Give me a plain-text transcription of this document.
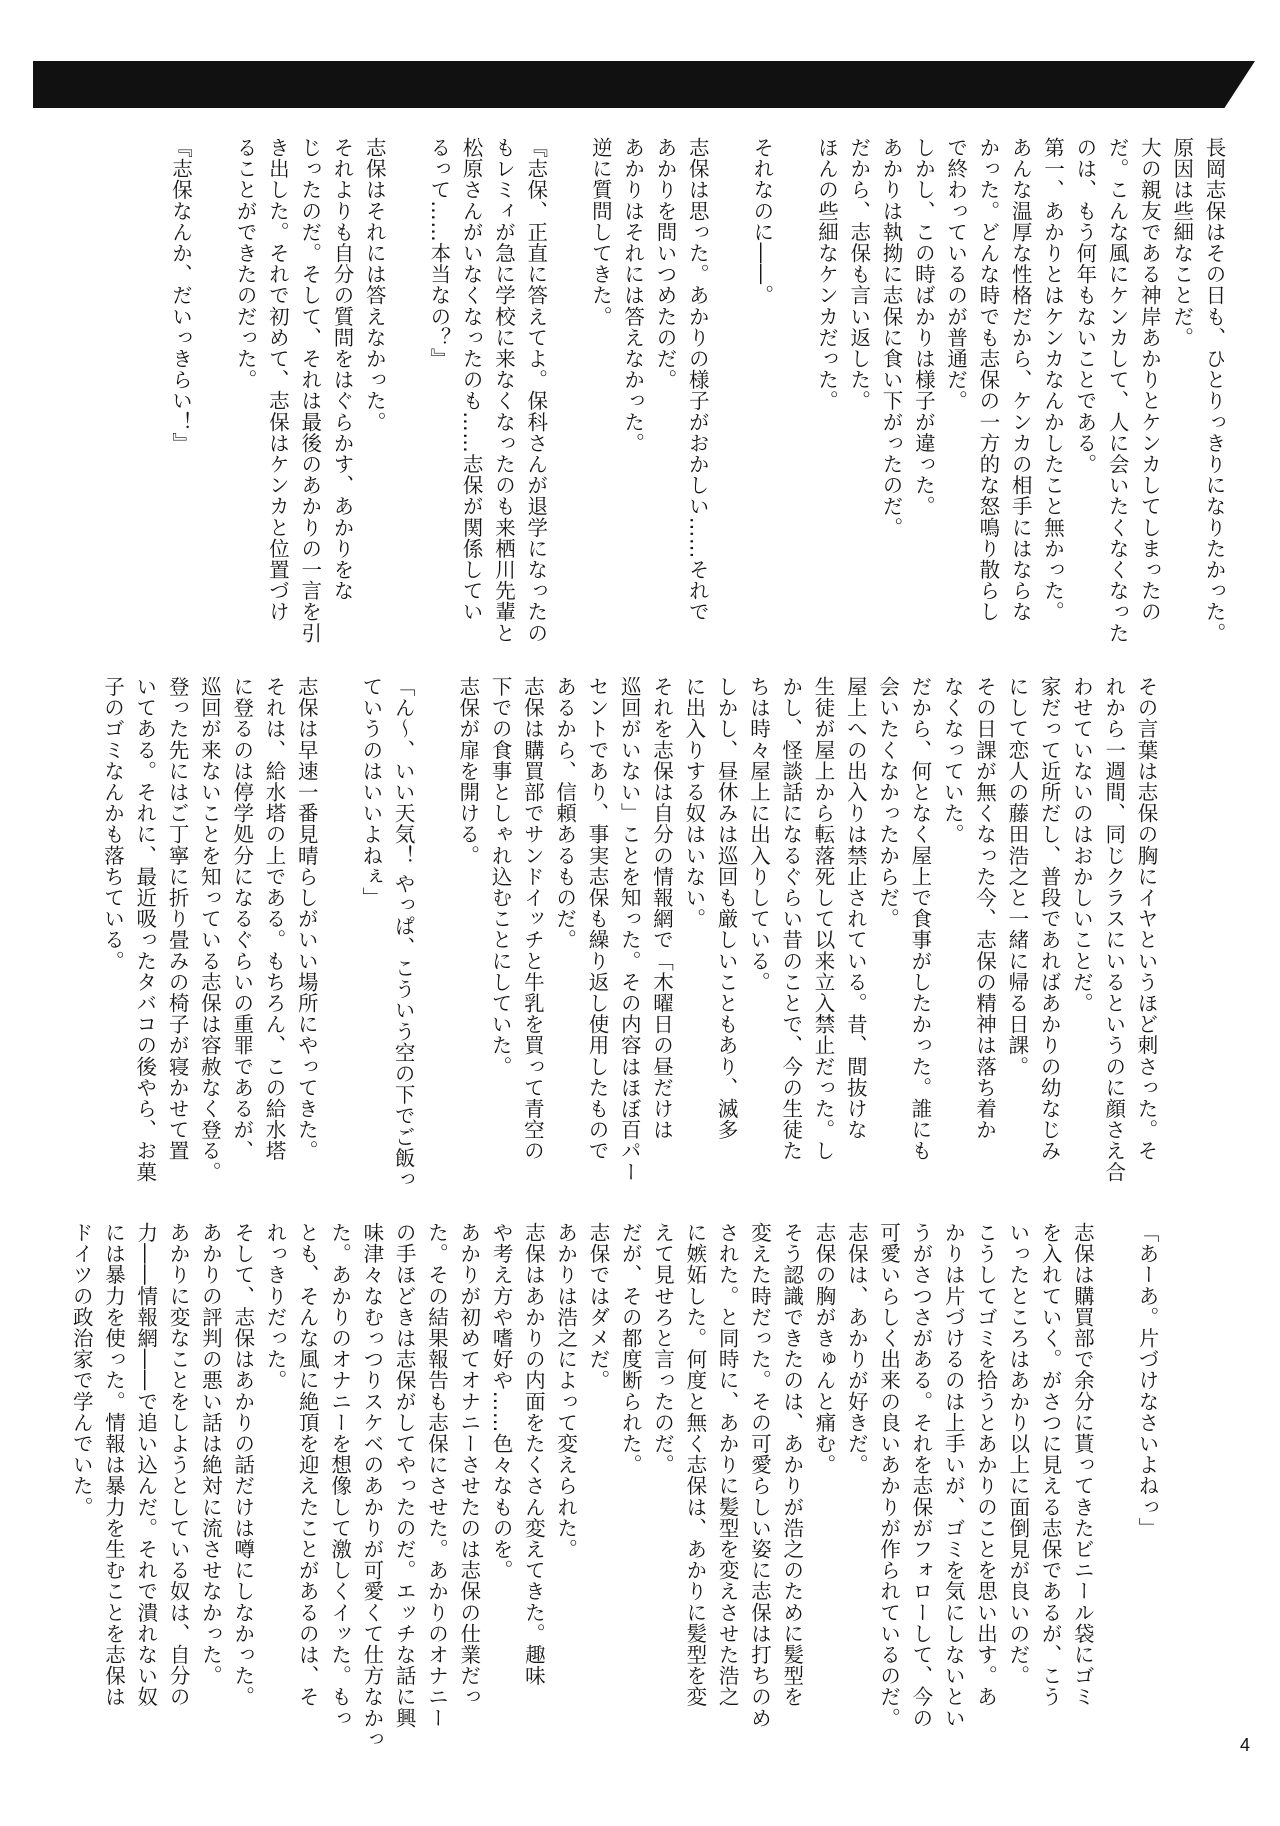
長岡志保はその日も、ひとりっきりになりたかった。
原因は些細なことだ。
大の親友である神岸あかりとケンカしてしまったの
だ。こんな風にケンカして、人に会いたくなくなった
のは、もう何年もないことである。
第一、あかりとはケンカなんかしたこと無かった。
あんな温厚な性格だから、ケンカの相手にはならな
かった。どんな時でも志保の一方的な怒鳴り散らし
で終わっているのが普通だ。
しかし、この時ばかりは様子が違った。
あかりは執拗に志保に食い下がったのだ。
だから、志保も言い返した。
ほんの些細なケンカだった。
それなのに――。
志保は思った。あかりの様子がおかしい……それで
あかりを問いつめたのだ。
あかりはそれには答えなかった。
逆に質問してきた。
『志保、正直に答えてよ。保科さんが退学になったの
もレミィが急に学校に来なくなったのも来栖川先輩と
松原さんがいなくなったのも……志保が関係してい
るって……本当なの？』
志保はそれには答えなかった。
それよりも自分の質問をはぐらかす、あかりをな
じったのだ。そして、それは最後のあかりの一言を引
き出した。それで初めて、志保はケンカと位置づけ
ることができたのだった。
『志保なんか、だいっきらい！』
その言葉は志保の胸にイヤというほど刺さった。そ
れから一週間、同じクラスにいるというのに顔さえ合
わせていないのはおかしいことだ。
家だって近所だし、普段であればあかりの幼なじみ
にして恋人の藤田浩之と一緒に帰る日課。
その日課が無くなった今、志保の精神は落ち着か
なくなっていた。
だから、何となく屋上で食事がしたかった。誰にも
会いたくなかったからだ。
屋上への出入りは禁止されている。昔、間抜けな
生徒が屋上から転落死して以来立入禁止だった。し
かし、怪談話になるぐらい昔のことで、今の生徒た
ちは時々屋上に出入りしている。
しかし、昼休みは巡回も厳しいこともあり、滅多
に出入りする奴はいない。
それを志保は自分の情報網で「木曜日の昼だけは
巡回がいない」ことを知った。その内容はほぼ百パー
セントであり、事実志保も繰り返し使用したもので
あるから、信頼あるものだ。
志保は購買部でサンドイッチと牛乳を買って青空の
下での食事としゃれ込むことにしていた。
志保が扉を開ける。
「ん～、いい天気！ やっぱ、こういう空の下でご飯っ
ていうのはいいよねぇ」
志保は早速一番見晴らしがいい場所にやってきた。
それは、給水塔の上である。もちろん、この給水塔
に登るのは停学処分になるぐらいの重罪であるが、
巡回が来ないことを知っている志保は容赦なく登る。
登った先にはご丁寧に折り畳みの椅子が寝かせて置
いてある。それに、最近吸ったタバコの後やら、お菓
子のゴミなんかも落ちている。
「あーあ。片づけなさいよねっ」
志保は購買部で余分に貰ってきたビニール袋にゴミ
を入れていく。がさつに見える志保であるが、こう
いったところはあかり以上に面倒見が良いのだ。
こうしてゴミを拾うとあかりのことを思い出す。あ
かりは片づけるのは上手いが、ゴミを気にしないとい
うがさつさがある。それを志保がフォローして、今の
可愛いらしく出来の良いあかりが作られているのだ。
志保は、あかりが好きだ。
志保の胸がきゅんと痛む。
そう認識できたのは、あかりが浩之のために髪型を
変えた時だった。その可愛らしい姿に志保は打ちのめ
された。と同時に、あかりに髪型を変えさせた浩之
に嫉妬した。何度と無く志保は、あかりに髪型を変
えて見せろと言ったのだ。
だが、その都度断られた。
志保ではダメだ。
あかりは浩之によって変えられた。
志保はあかりの内面をたくさん変えてきた。趣味
や考え方や嗜好や……色々なものを。
あかりが初めてオナニーさせたのは志保の仕業だっ
た。その結果報告も志保にさせた。あかりのオナニー
の手ほどきは志保がしてやったのだ。エッチな話に興
味津々なむっつりスケベのあかりが可愛くて仕方なかっ
た。あかりのオナニーを想像して激しくイッた。もっ
とも、そんな風に絶頂を迎えたことがあるのは、そ
れっきりだった。
そして、志保はあかりの話だけは噂にしなかった。
あかりの評判の悪い話は絶対に流させなかった。
あかりに変なことをしようとしている奴は、自分の
力――情報網――で追い込んだ。それで潰れない奴
には暴力を使った。情報は暴力を生むことを志保は
ドイツの政治家で学んでいた。
4
